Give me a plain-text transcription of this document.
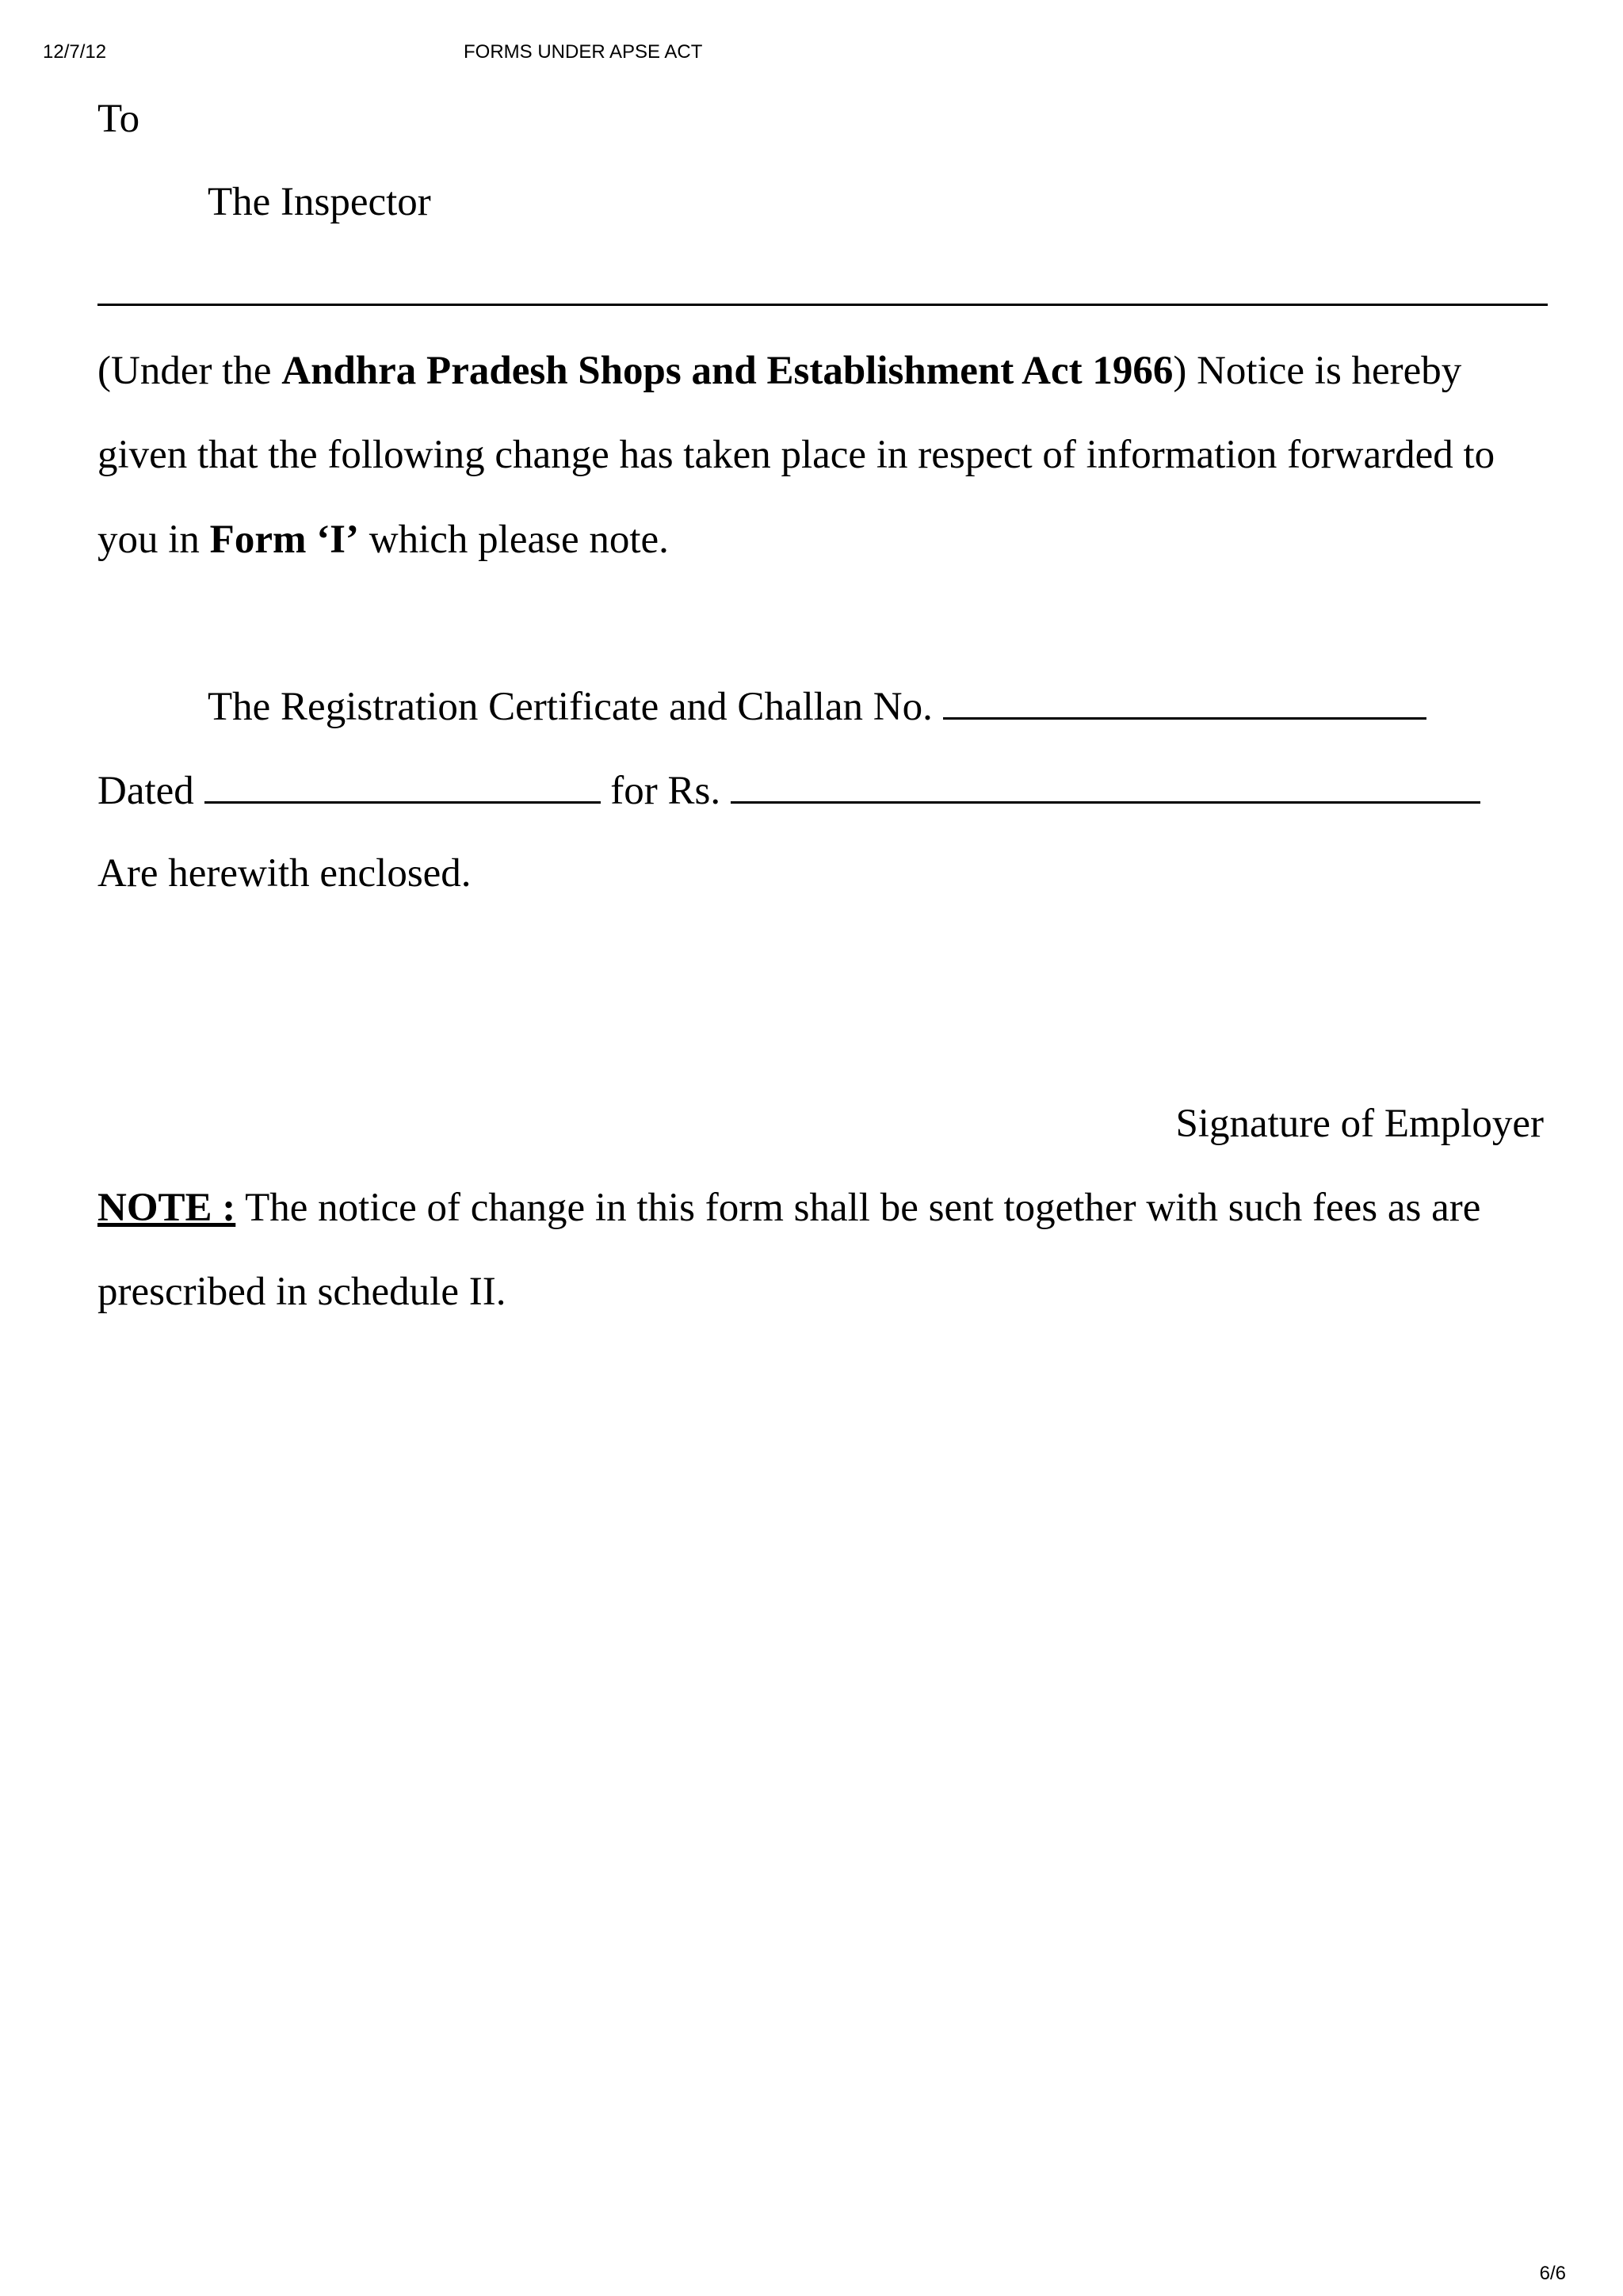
12/7/12	FORMS UNDER APSE ACT
To
The Inspector
(Under the Andhra Pradesh Shops and Establishment Act 1966) Notice is hereby
given that the following change has taken place in respect of information forwarded to
you in Form ‘I’ which please note.
The Registration Certificate and Challan No.
Dated	for Rs.
Are herewith enclosed.
Signature of Employer
NOTE : The notice of change in this form shall be sent together with such fees as are
prescribed in schedule II.
6/6
